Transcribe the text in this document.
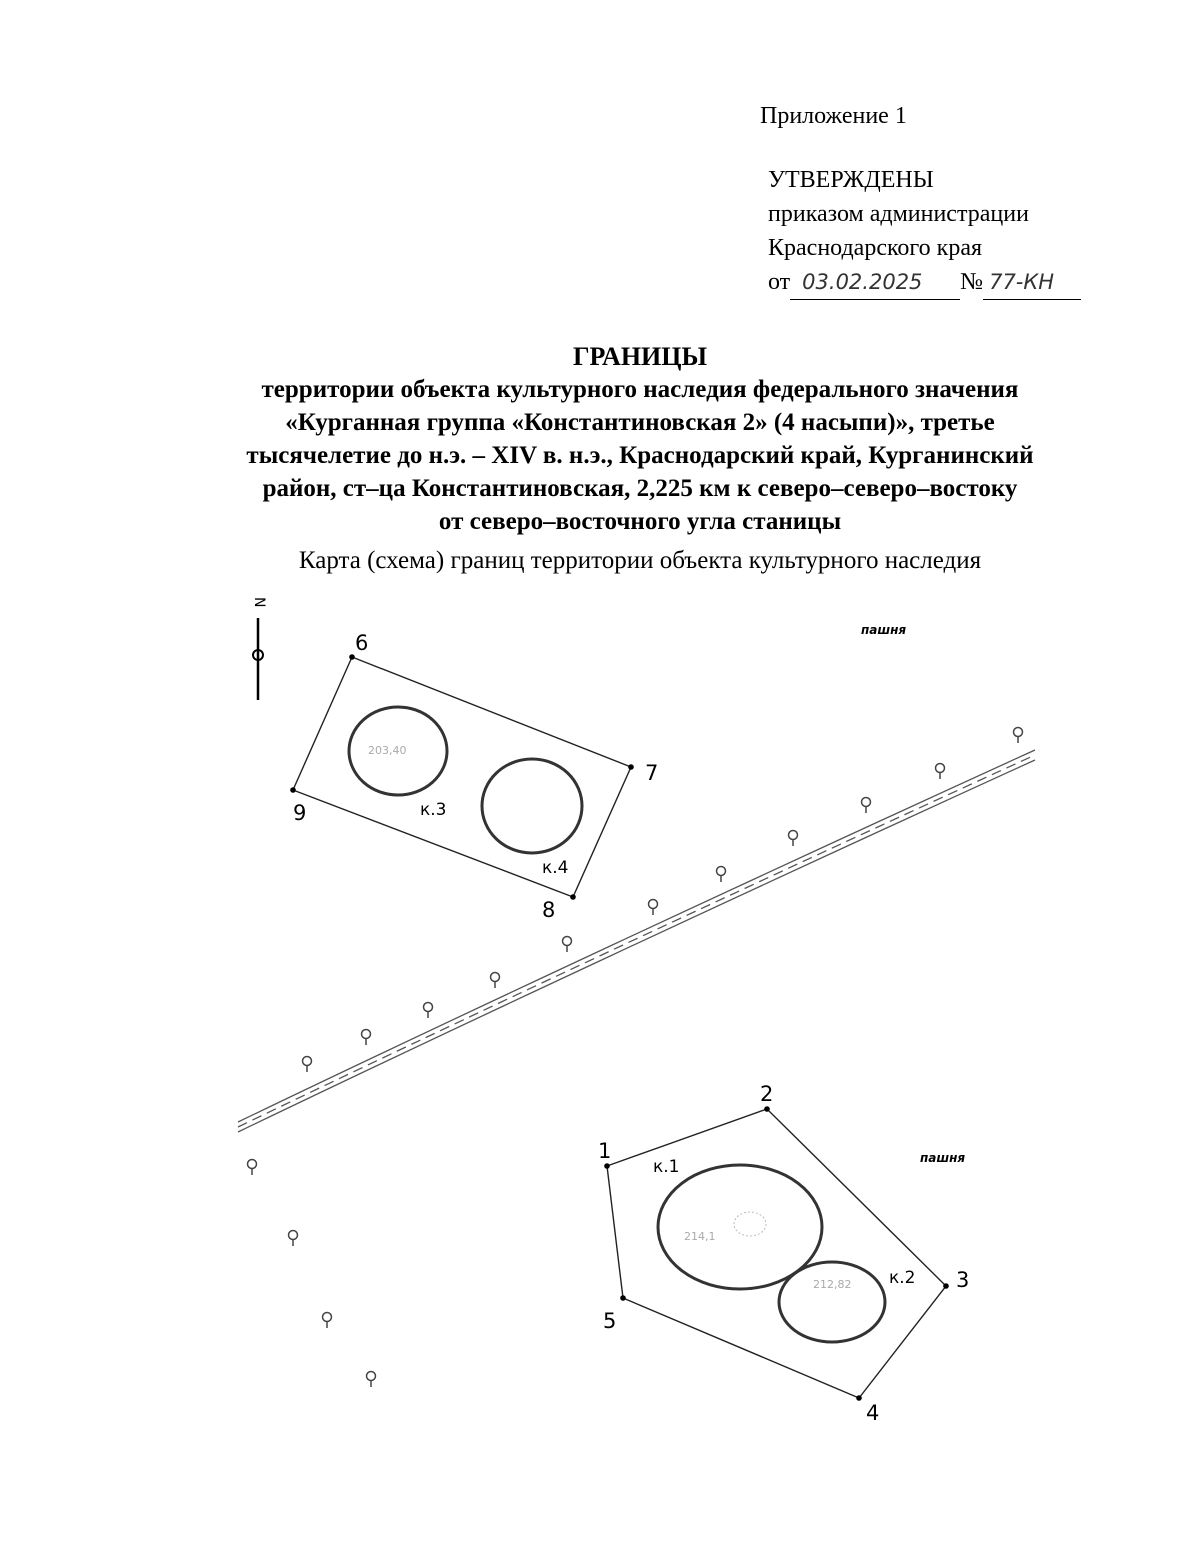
Приложение 1
УТВЕРЖДЕНЫ
приказом администрации
Краснодарского края
от 03.02.2025 № 77-КН
ГРАНИЦЫ
территории объекта культурного наследия федерального значения
«Курганная группа «Константиновская 2» (4 насыпи)», третье
тысячелетие до н.э. – XIV в. н.э., Краснодарский край, Курганинский
район, ст–ца Константиновская, 2,225 км к северо–северо–востоку
от северо–восточного угла станицы
Карта (схема) границ территории объекта культурного наследия
N
пашня
пашня
203,40
214,1
212,82
1
2
3
4
5
6
7
8
9
к.1
к.2
к.3
к.4
